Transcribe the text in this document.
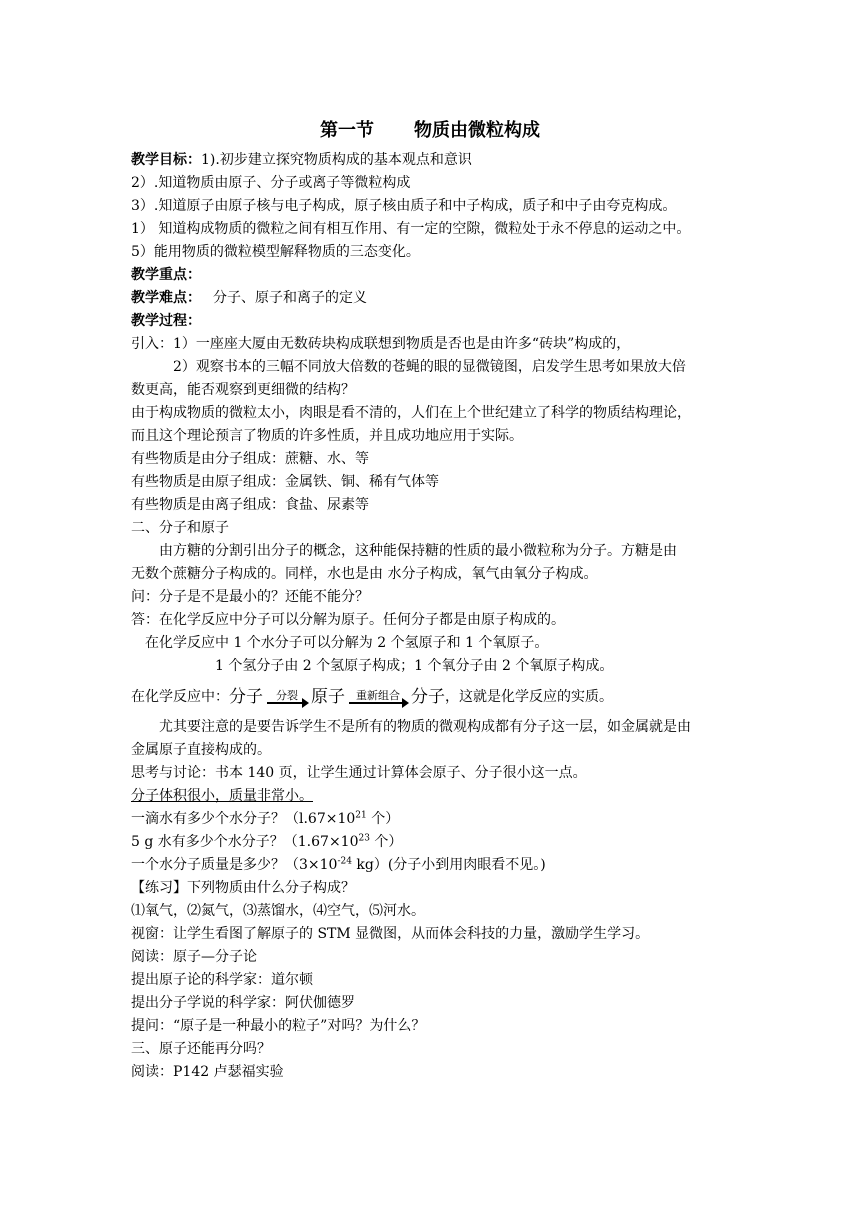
第一节 物质由微粒构成
教学目标：1).初步建立探究物质构成的基本观点和意识
2）.知道物质由原子、分子或离子等微粒构成
3）.知道原子由原子核与电子构成，原子核由质子和中子构成，质子和中子由夸克构成。
1） 知道构成物质的微粒之间有相互作用、有一定的空隙，微粒处于永不停息的运动之中。
5）能用物质的微粒模型解释物质的三态变化。
教学重点：
教学难点： 分子、原子和离子的定义
教学过程：
引入：1）一座座大厦由无数砖块构成联想到物质是否也是由许多“砖块”构成的，
2）观察书本的三幅不同放大倍数的苍蝇的眼的显微镜图，启发学生思考如果放大倍
数更高，能否观察到更细微的结构？
由于构成物质的微粒太小，肉眼是看不清的，人们在上个世纪建立了科学的物质结构理论，
而且这个理论预言了物质的许多性质，并且成功地应用于实际。
有些物质是由分子组成：蔗糖、水、等
有些物质是由原子组成：金属铁、铜、稀有气体等
有些物质是由离子组成：食盐、尿素等
二、分子和原子
由方糖的分割引出分子的概念，这种能保持糖的性质的最小微粒称为分子。方糖是由
无数个蔗糖分子构成的。同样，水也是由 水分子构成，氧气由氧分子构成。
问：分子是不是最小的？还能不能分？
答：在化学反应中分子可以分解为原子。任何分子都是由原子构成的。
在化学反应中 1 个水分子可以分解为 2 个氢原子和 1 个氧原子。
1 个氢分子由 2 个氢原子构成；1 个氧分子由 2 个氧原子构成。
在化学反应中：分子	分裂 原子	重新组合 分子，这就是化学反应的实质。
尤其要注意的是要告诉学生不是所有的物质的微观构成都有分子这一层，如金属就是由
金属原子直接构成的。
思考与讨论：书本 140 页，让学生通过计算体会原子、分子很小这一点。
分子体积很小，质量非常小。
一滴水有多少个水分子？（$l.67\times 10^{21}$ 个）
5 g 水有多少个水分子？（$1.67\times 10^{23}$ 个）
一个水分子质量是多少？（$3\times 10^{-24}$ kg）(分子小到用肉眼看不见。)
【练习】下列物质由什么分子构成？
⑴氧气，⑵氮气，⑶蒸馏水，⑷空气，⑸河水。
视窗：让学生看图了解原子的 STM 显微图，从而体会科技的力量，激励学生学习。
阅读：原子—分子论
提出原子论的科学家：道尔顿
提出分子学说的科学家：阿伏伽德罗
提问：“原子是一种最小的粒子”对吗？为什么？
三、原子还能再分吗？
阅读：P142 卢瑟福实验
